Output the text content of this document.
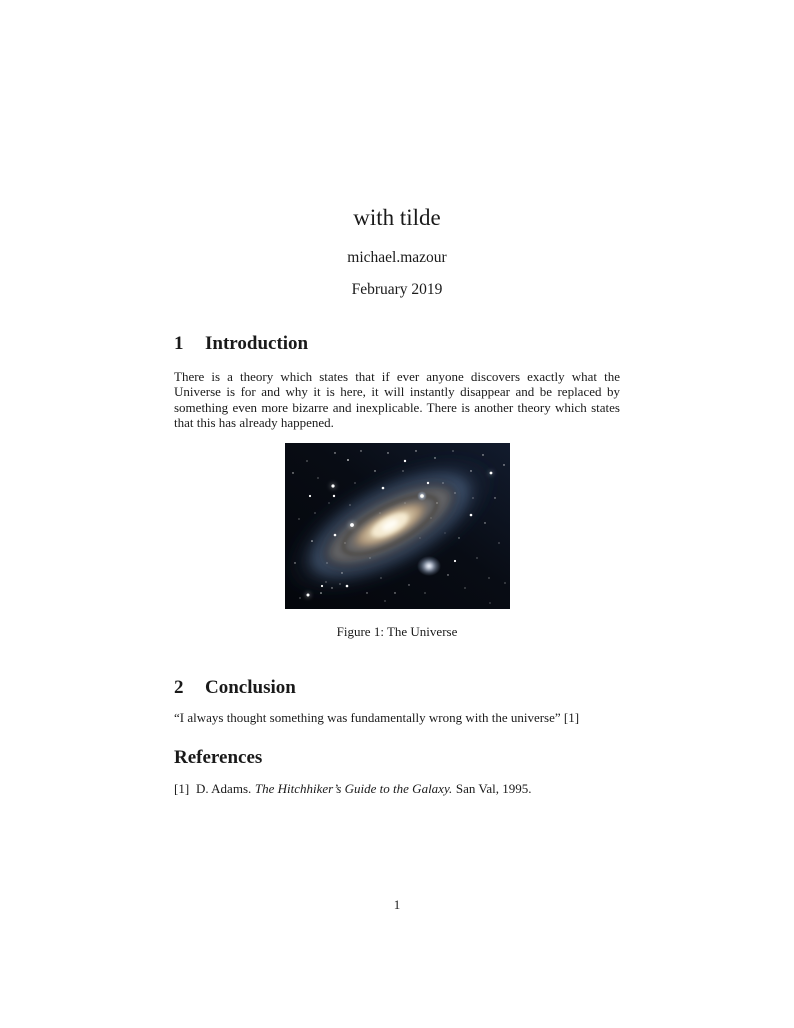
with tilde
michael.mazour
February 2019
1 Introduction
There is a theory which states that if ever anyone discovers exactly what the Universe is for and why it is here, it will instantly disappear and be replaced by something even more bizarre and inexplicable. There is another theory which states that this has already happened.
Figure 1: The Universe
2 Conclusion
“I always thought something was fundamentally wrong with the universe” [1]
References
[1] D. Adams. The Hitchhiker’s Guide to the Galaxy. San Val, 1995.
1
